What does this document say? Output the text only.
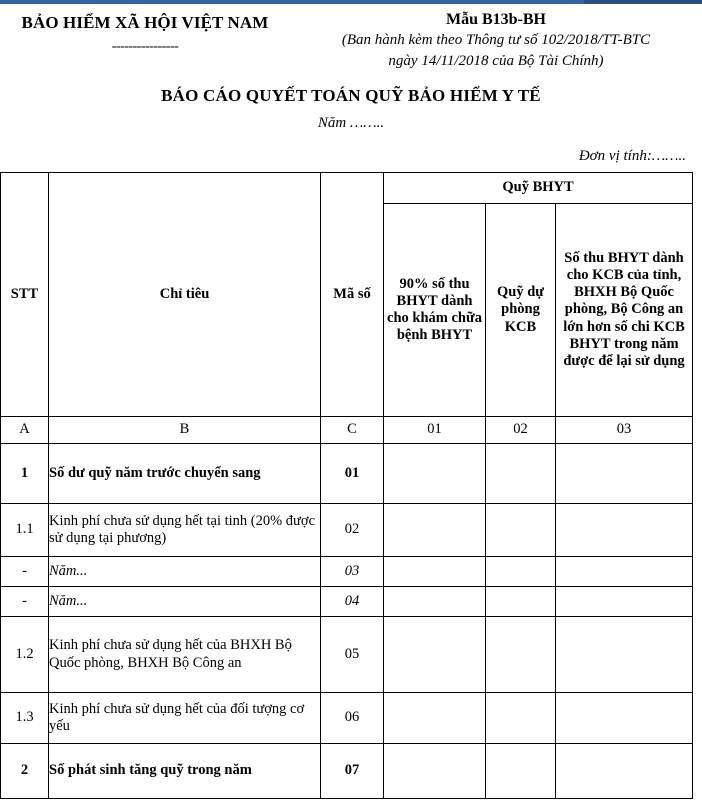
BẢO HIỂM XÃ HỘI VIỆT NAM
----------------
Mẫu B13b-BH
(Ban hành kèm theo Thông tư số 102/2018/TT-BTC
ngày 14/11/2018 của Bộ Tài Chính)
BÁO CÁO QUYẾT TOÁN QUỸ BẢO HIỂM Y TẾ
Năm ……..
Đơn vị tính:……..
STT	Chỉ tiêu	Mã số	Quỹ BHYT		
			90% số thu BHYT dành cho khám chữa bệnh BHYT	Quỹ dự phòng KCB	Số thu BHYT dành cho KCB của tỉnh, BHXH Bộ Quốc phòng, Bộ Công an lớn hơn số chi KCB BHYT trong năm được để lại sử dụng
A	B	C	01	02	03
1	Số dư quỹ năm trước chuyển sang	01			
1.1	Kinh phí chưa sử dụng hết tại tinh (20% được sử dụng tại phương)	02			
-	Năm...	03			
-	Năm...	04			
1.2	Kinh phí chưa sử dụng hết của BHXH Bộ Quốc phòng, BHXH Bộ Công an	05			
1.3	Kinh phí chưa sử dụng hết của đối tượng cơ yếu	06			
2	Số phát sinh tăng quỹ trong năm	07			
